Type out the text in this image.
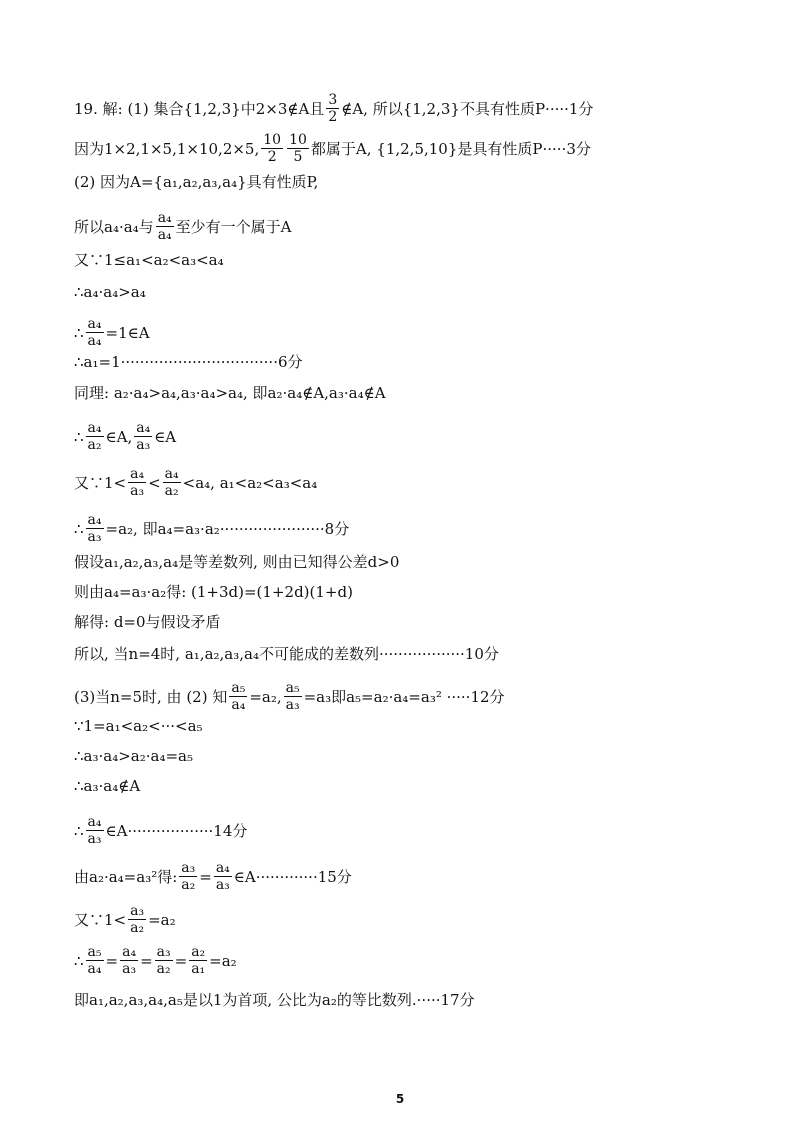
5
19. 解: (1) 集合{1,2,3}中2×3∉A且 $\frac{3}{2}$ ∉A, 所以{1,2,3}不具有性质P·····1分
因为1×2,1×5,1×10,2×5, $\frac{10}{2} \frac{10}{5}$ 都属于A, {1,2,5,10}是具有性质P·····3分
(2) 因为A={a₁,a₂,a₃,a₄}具有性质P,
所以a₄·a₄与 $\frac{\text{a₄}}{\text{a₄}}$ 至少有一个属于A
又∵1≤a₁<a₂<a₃<a₄
∴a₄·a₄>a₄
∴ $\frac{\text{a₄}}{\text{a₄}}$ =1∈A
∴a₁=1·································6分
同理: a₂·a₄>a₄,a₃·a₄>a₄, 即a₂·a₄∉A,a₃·a₄∉A
∴ $\frac{\text{a₄}}{\text{a₂}}$ ∈A, $\frac{\text{a₄}}{\text{a₃}}$ ∈A
又∵1< $\frac{\text{a₄}}{\text{a₃}} < \frac{\text{a₄}}{\text{a₂}} <a_4$, a₁<a₂<a₃<a₄
∴ $\frac{\text{a₄}}{\text{a₃}} =a_2$, 即a₄=a₃·a₂······················8分
假设a₁,a₂,a₃,a₄是等差数列, 则由已知得公差d>0
则由a₄=a₃·a₂得: (1+3d)=(1+2d)(1+d)
解得: d=0与假设矛盾
所以, 当n=4时, a₁,a₂,a₃,a₄不可能成的差数列··················10分
(3)当n=5时, 由 (2) 知 $\frac{\text{a₅}}{\text{a₄}} =a_2$, $\frac{\text{a₅}}{\text{a₃}} =a_3$即a₅=a₂·a₄=a₃² ·····12分
∵1=a₁<a₂<···<a₅
∴a₃·a₄>a₂·a₄=a₅
∴a₃·a₄∉A
∴ $\frac{\text{a₄}}{\text{a₃}}$ ∈A··················14分
由a₂·a₄=a₃²得: $\frac{\text{a₃}}{\text{a₂}} = \frac{\text{a₄}}{\text{a₃}}$ ∈A·············15分
又∵1< $\frac{\text{a₃}}{\text{a₂}} =a_2$
∴ $\frac{\text{a₅}}{\text{a₄}} = \frac{\text{a₄}}{\text{a₃}} = \frac{\text{a₃}}{\text{a₂}} = \frac{\text{a₂}}{\text{a₁}} =a_2$
即a₁,a₂,a₃,a₄,a₅是以1为首项, 公比为a₂的等比数列.·····17分
